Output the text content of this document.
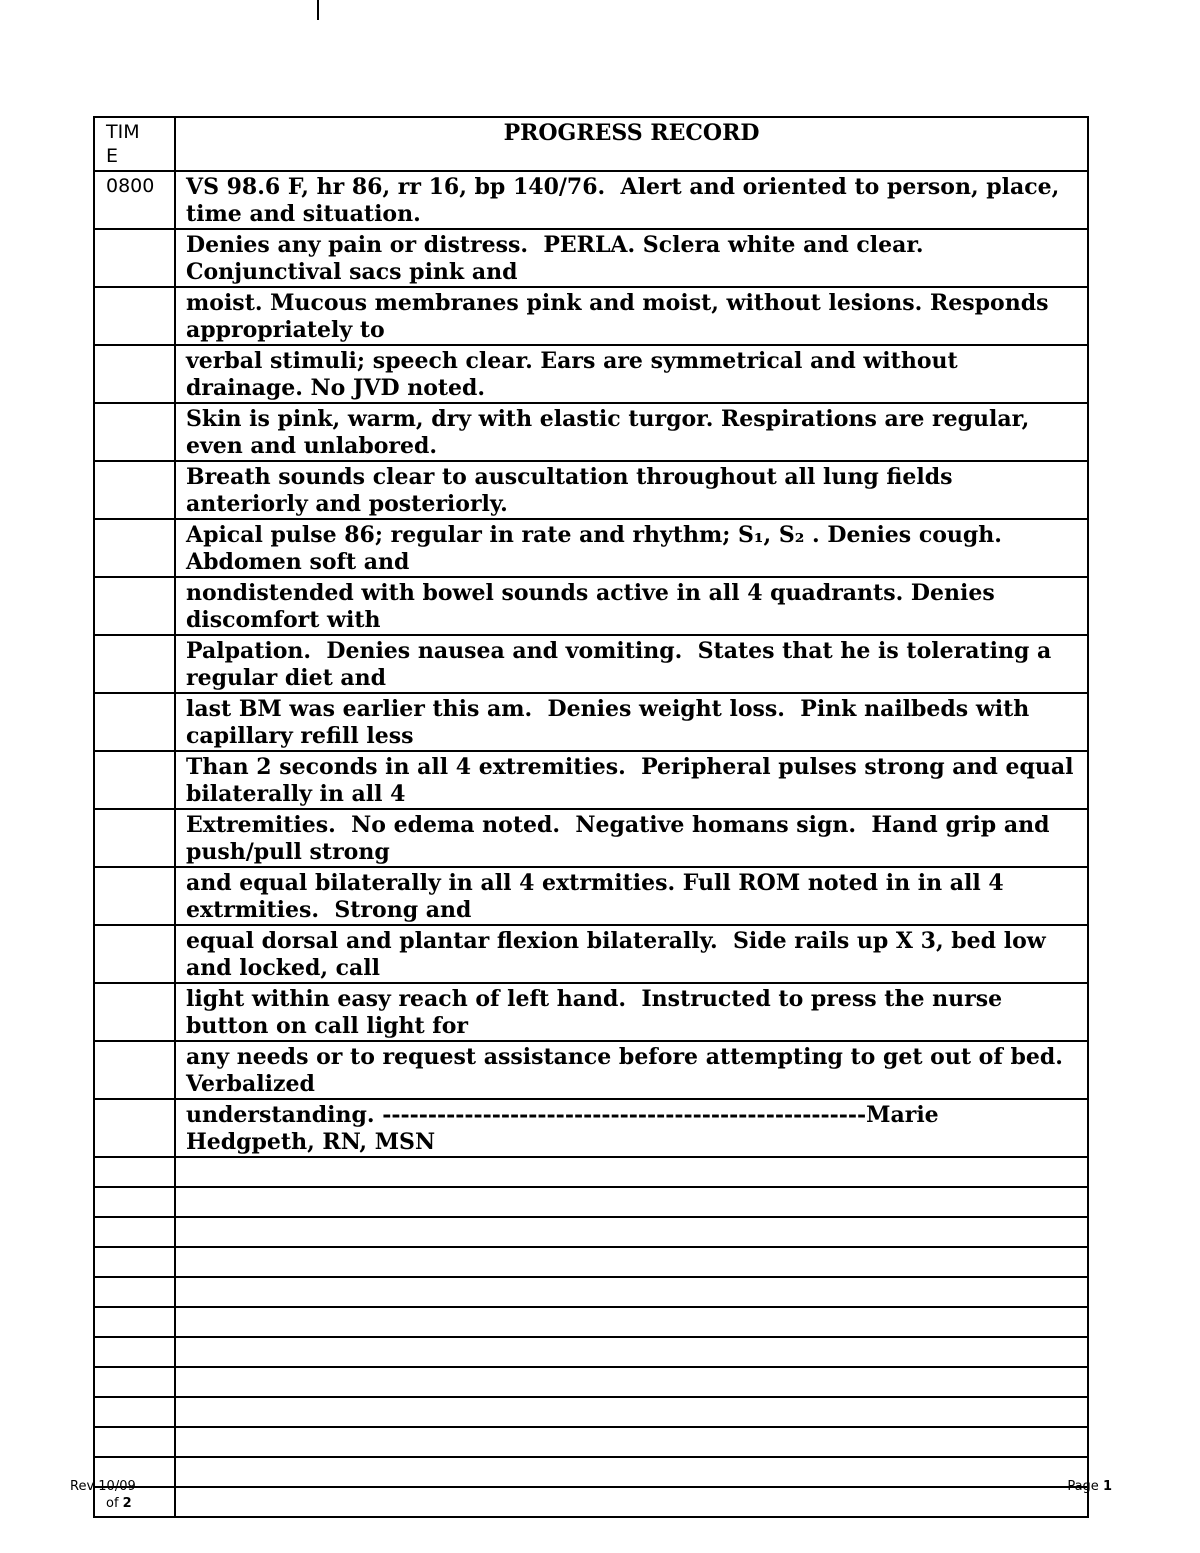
TIM
E	PROGRESS RECORD
0800	VS 98.6 F, hr 86, rr 16, bp 140/76.  Alert and oriented to person, place, time and situation.
	Denies any pain or distress.  PERLA. Sclera white and clear. Conjunctival sacs pink and
	moist. Mucous membranes pink and moist, without lesions. Responds appropriately to
	verbal stimuli; speech clear. Ears are symmetrical and without drainage. No JVD noted.
	Skin is pink, warm, dry with elastic turgor. Respirations are regular, even and unlabored.
	Breath sounds clear to auscultation throughout all lung fields anteriorly and posteriorly.
	Apical pulse 86; regular in rate and rhythm; S₁, S₂ . Denies cough. Abdomen soft and
	nondistended with bowel sounds active in all 4 quadrants. Denies discomfort with
	Palpation.  Denies nausea and vomiting.  States that he is tolerating a regular diet and
	last BM was earlier this am.  Denies weight loss.  Pink nailbeds with capillary refill less
	Than 2 seconds in all 4 extremities.  Peripheral pulses strong and equal bilaterally in all 4
	Extremities.  No edema noted.  Negative homans sign.  Hand grip and push/pull strong
	and equal bilaterally in all 4 extrmities. Full ROM noted in in all 4 extrmities.  Strong and
	equal dorsal and plantar flexion bilaterally.  Side rails up X 3, bed low and locked, call
	light within easy reach of left hand.  Instructed to press the nurse button on call light for
	any needs or to request assistance before attempting to get out of bed.  Verbalized
	understanding. -----------------------------------------------------Marie Hedgpeth, RN, MSN

Rev 10/09
of 2
Page 1
